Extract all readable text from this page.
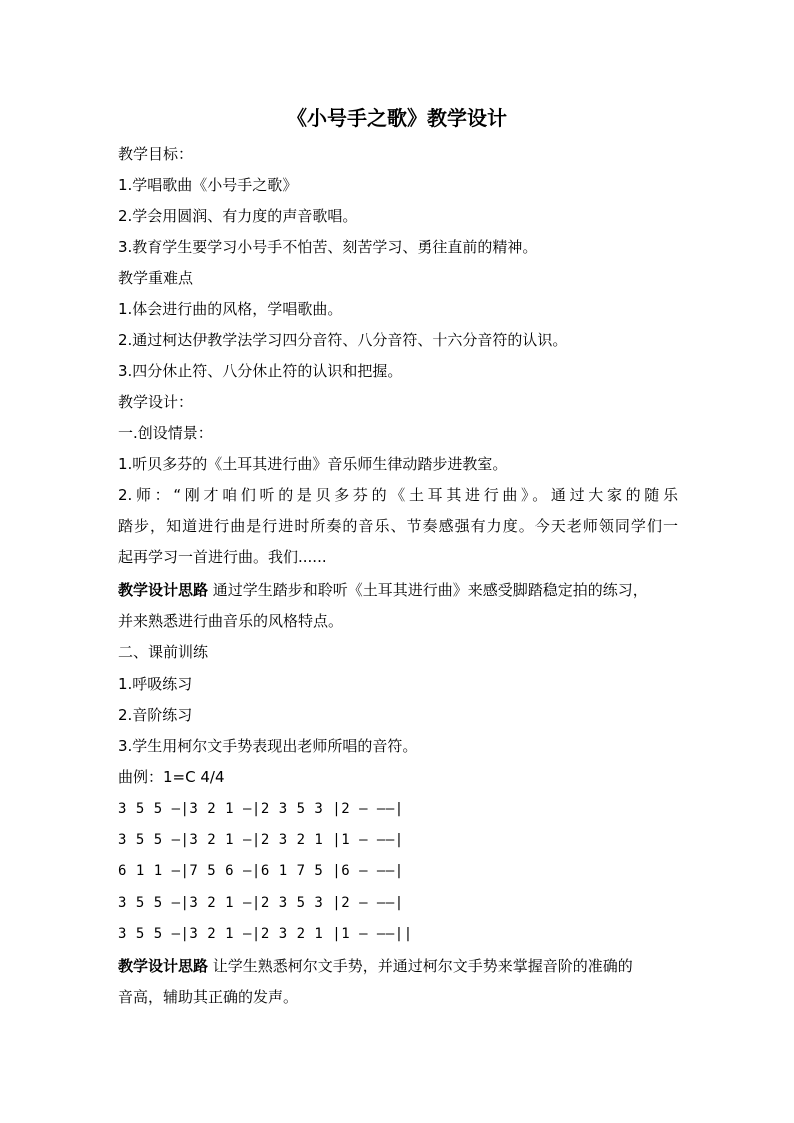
《小号手之歌》教学设计
教学目标：
1.学唱歌曲《小号手之歌》
2.学会用圆润、有力度的声音歌唱。
3.教育学生要学习小号手不怕苦、刻苦学习、勇往直前的精神。
教学重难点
1.体会进行曲的风格，学唱歌曲。
2.通过柯达伊教学法学习四分音符、八分音符、十六分音符的认识。
3.四分休止符、八分休止符的认识和把握。
教学设计：
一.创设情景：
1.听贝多芬的《土耳其进行曲》音乐师生律动踏步进教室。
2.师：“刚才咱们听的是贝多芬的《土耳其进行曲》。通过大家的随乐
踏步，知道进行曲是行进时所奏的音乐、节奏感强有力度。今天老师领同学们一
起再学习一首进行曲。我们......
教学设计思路 通过学生踏步和聆听《土耳其进行曲》来感受脚踏稳定拍的练习，
并来熟悉进行曲音乐的风格特点。
二、课前训练
1.呼吸练习
2.音阶练习
3.学生用柯尔文手势表现出老师所唱的音符。
曲例：1=C 4/4
3 5 5 —|3 2 1 —|2 3 5 3 |2 — ——|
3 5 5 —|3 2 1 —|2 3 2 1 |1 — ——|
6 1 1 —|7 5 6 —|6 1 7 5 |6 — ——|
3 5 5 —|3 2 1 —|2 3 5 3 |2 — ——|
3 5 5 —|3 2 1 —|2 3 2 1 |1 — ——||
教学设计思路 让学生熟悉柯尔文手势，并通过柯尔文手势来掌握音阶的准确的
音高，辅助其正确的发声。
